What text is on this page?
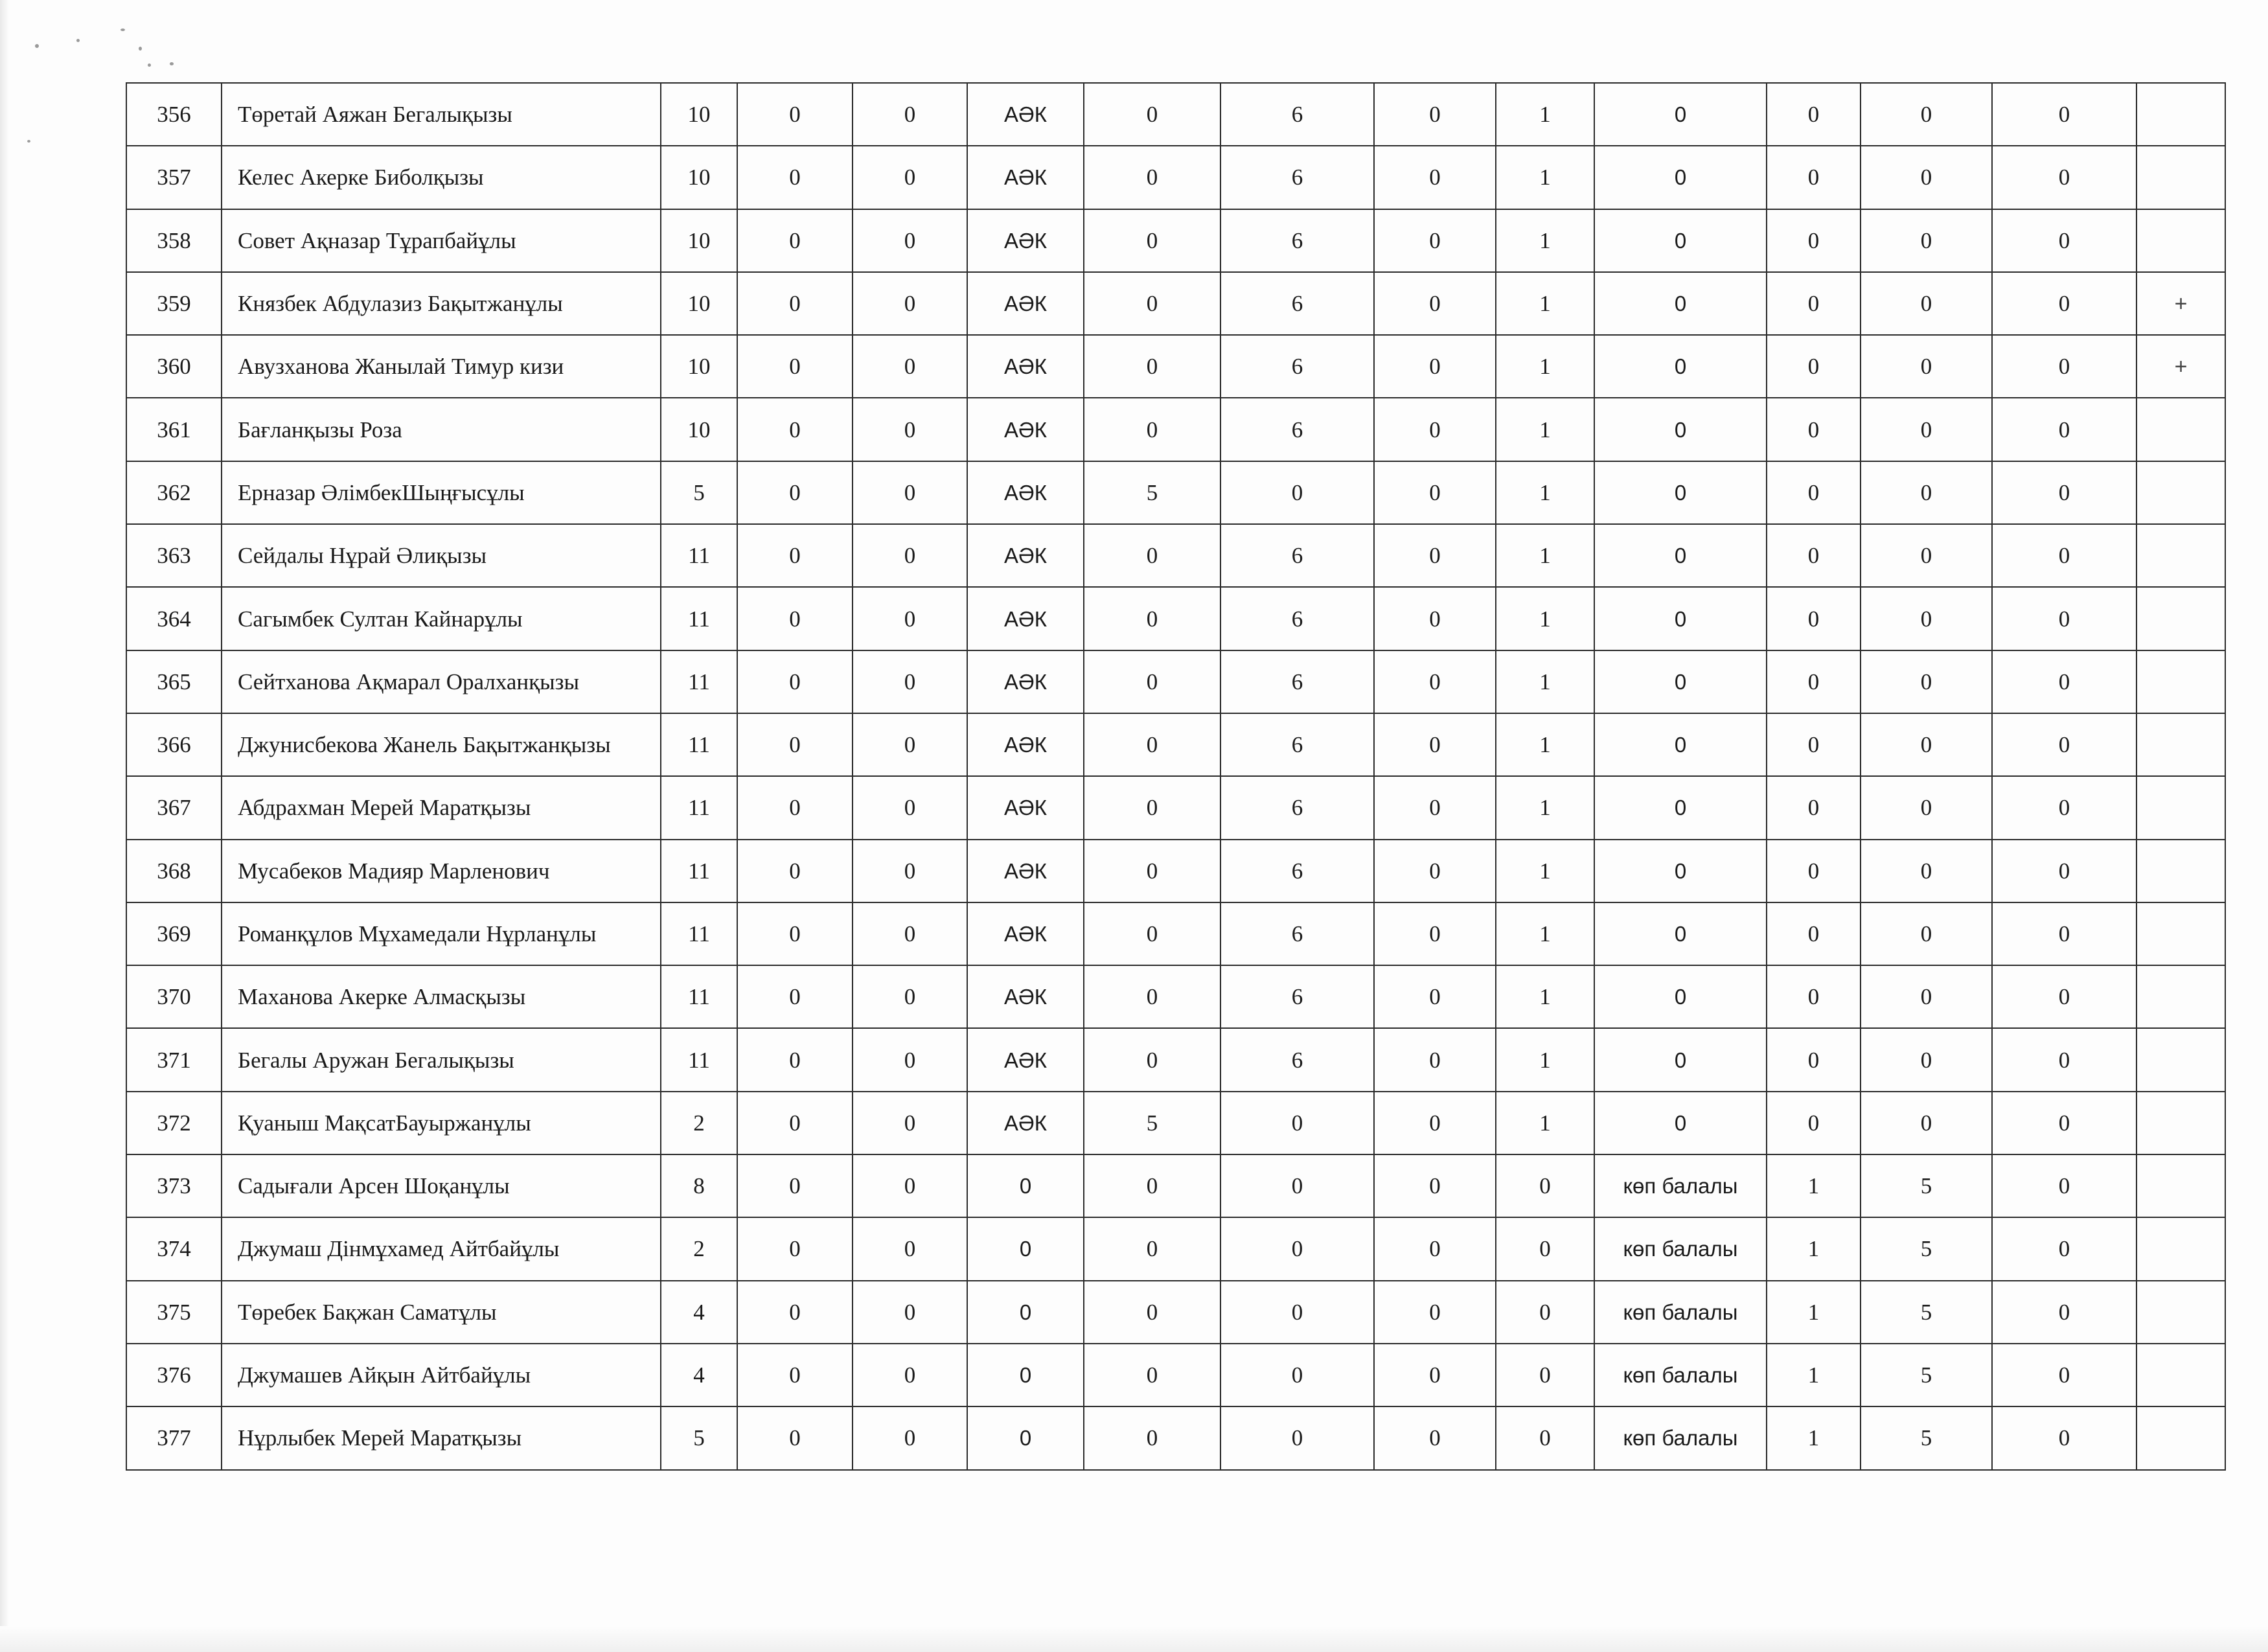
356	Төретай Аяжан Бегалықызы	10	0	0	АӘК	0	6	0	1	0	0	0	0	
357	Келес Акерке Биболқызы	10	0	0	АӘК	0	6	0	1	0	0	0	0	
358	Совет Ақназар Тұрапбайұлы	10	0	0	АӘК	0	6	0	1	0	0	0	0	
359	Князбек Абдулазиз Бақытжанұлы	10	0	0	АӘК	0	6	0	1	0	0	0	0	+
360	Авузханова Жанылай Тимур кизи	10	0	0	АӘК	0	6	0	1	0	0	0	0	+
361	Бағланқызы Роза	10	0	0	АӘК	0	6	0	1	0	0	0	0	
362	Ерназар ӘлімбекШыңғысұлы	5	0	0	АӘК	5	0	0	1	0	0	0	0	
363	Сейдалы Нұрай Әлиқызы	11	0	0	АӘК	0	6	0	1	0	0	0	0	
364	Сагымбек Султан Кайнарұлы	11	0	0	АӘК	0	6	0	1	0	0	0	0	
365	Сейтханова Ақмарал Оралханқызы	11	0	0	АӘК	0	6	0	1	0	0	0	0	
366	Джунисбекова Жанель Бақытжанқызы	11	0	0	АӘК	0	6	0	1	0	0	0	0	
367	Абдрахман Мерей Маратқызы	11	0	0	АӘК	0	6	0	1	0	0	0	0	
368	Мусабеков Мадияр Марленович	11	0	0	АӘК	0	6	0	1	0	0	0	0	
369	Романқұлов Мұхамедали Нұрланұлы	11	0	0	АӘК	0	6	0	1	0	0	0	0	
370	Маханова Акерке Алмасқызы	11	0	0	АӘК	0	6	0	1	0	0	0	0	
371	Бегалы Аружан Бегалықызы	11	0	0	АӘК	0	6	0	1	0	0	0	0	
372	Қуаныш МақсатБауыржанұлы	2	0	0	АӘК	5	0	0	1	0	0	0	0	
373	Садығали Арсен Шоқанұлы	8	0	0	0	0	0	0	0	көп балалы	1	5	0	
374	Джумаш Дінмұхамед Айтбайұлы	2	0	0	0	0	0	0	0	көп балалы	1	5	0	
375	Төребек Бақжан Саматұлы	4	0	0	0	0	0	0	0	көп балалы	1	5	0	
376	Джумашев Айқын Айтбайұлы	4	0	0	0	0	0	0	0	көп балалы	1	5	0	
377	Нұрлыбек Мерей Маратқызы	5	0	0	0	0	0	0	0	көп балалы	1	5	0	
